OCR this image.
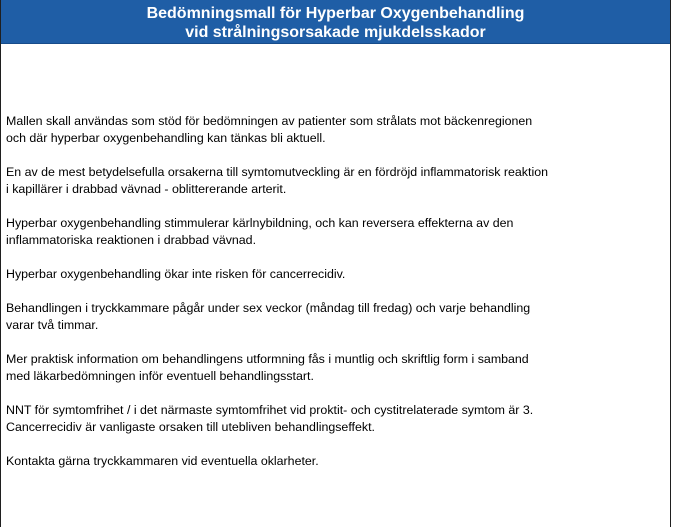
Bedömningsmall för Hyperbar Oxygenbehandling
vid strålningsorsakade mjukdelsskador
Mallen skall användas som stöd för bedömningen av patienter som strålats mot bäckenregionen
och där hyperbar oxygenbehandling kan tänkas bli aktuell.
En av de mest betydelsefulla orsakerna till symtomutveckling är en fördröjd inflammatorisk reaktion
i kapillärer i drabbad vävnad - oblittererande arterit.
Hyperbar oxygenbehandling stimmulerar kärlnybildning, och kan reversera effekterna av den
inflammatoriska reaktionen i drabbad vävnad.
Hyperbar oxygenbehandling ökar inte risken för cancerrecidiv.
Behandlingen i tryckkammare pågår under sex veckor (måndag till fredag) och varje behandling
varar två timmar.
Mer praktisk information om behandlingens utformning fås i muntlig och skriftlig form i samband
med läkarbedömningen inför eventuell behandlingsstart.
NNT för symtomfrihet / i det närmaste symtomfrihet vid proktit- och cystitrelaterade symtom är 3.
Cancerrecidiv är vanligaste orsaken till utebliven behandlingseffekt.
Kontakta gärna tryckkammaren vid eventuella oklarheter.
